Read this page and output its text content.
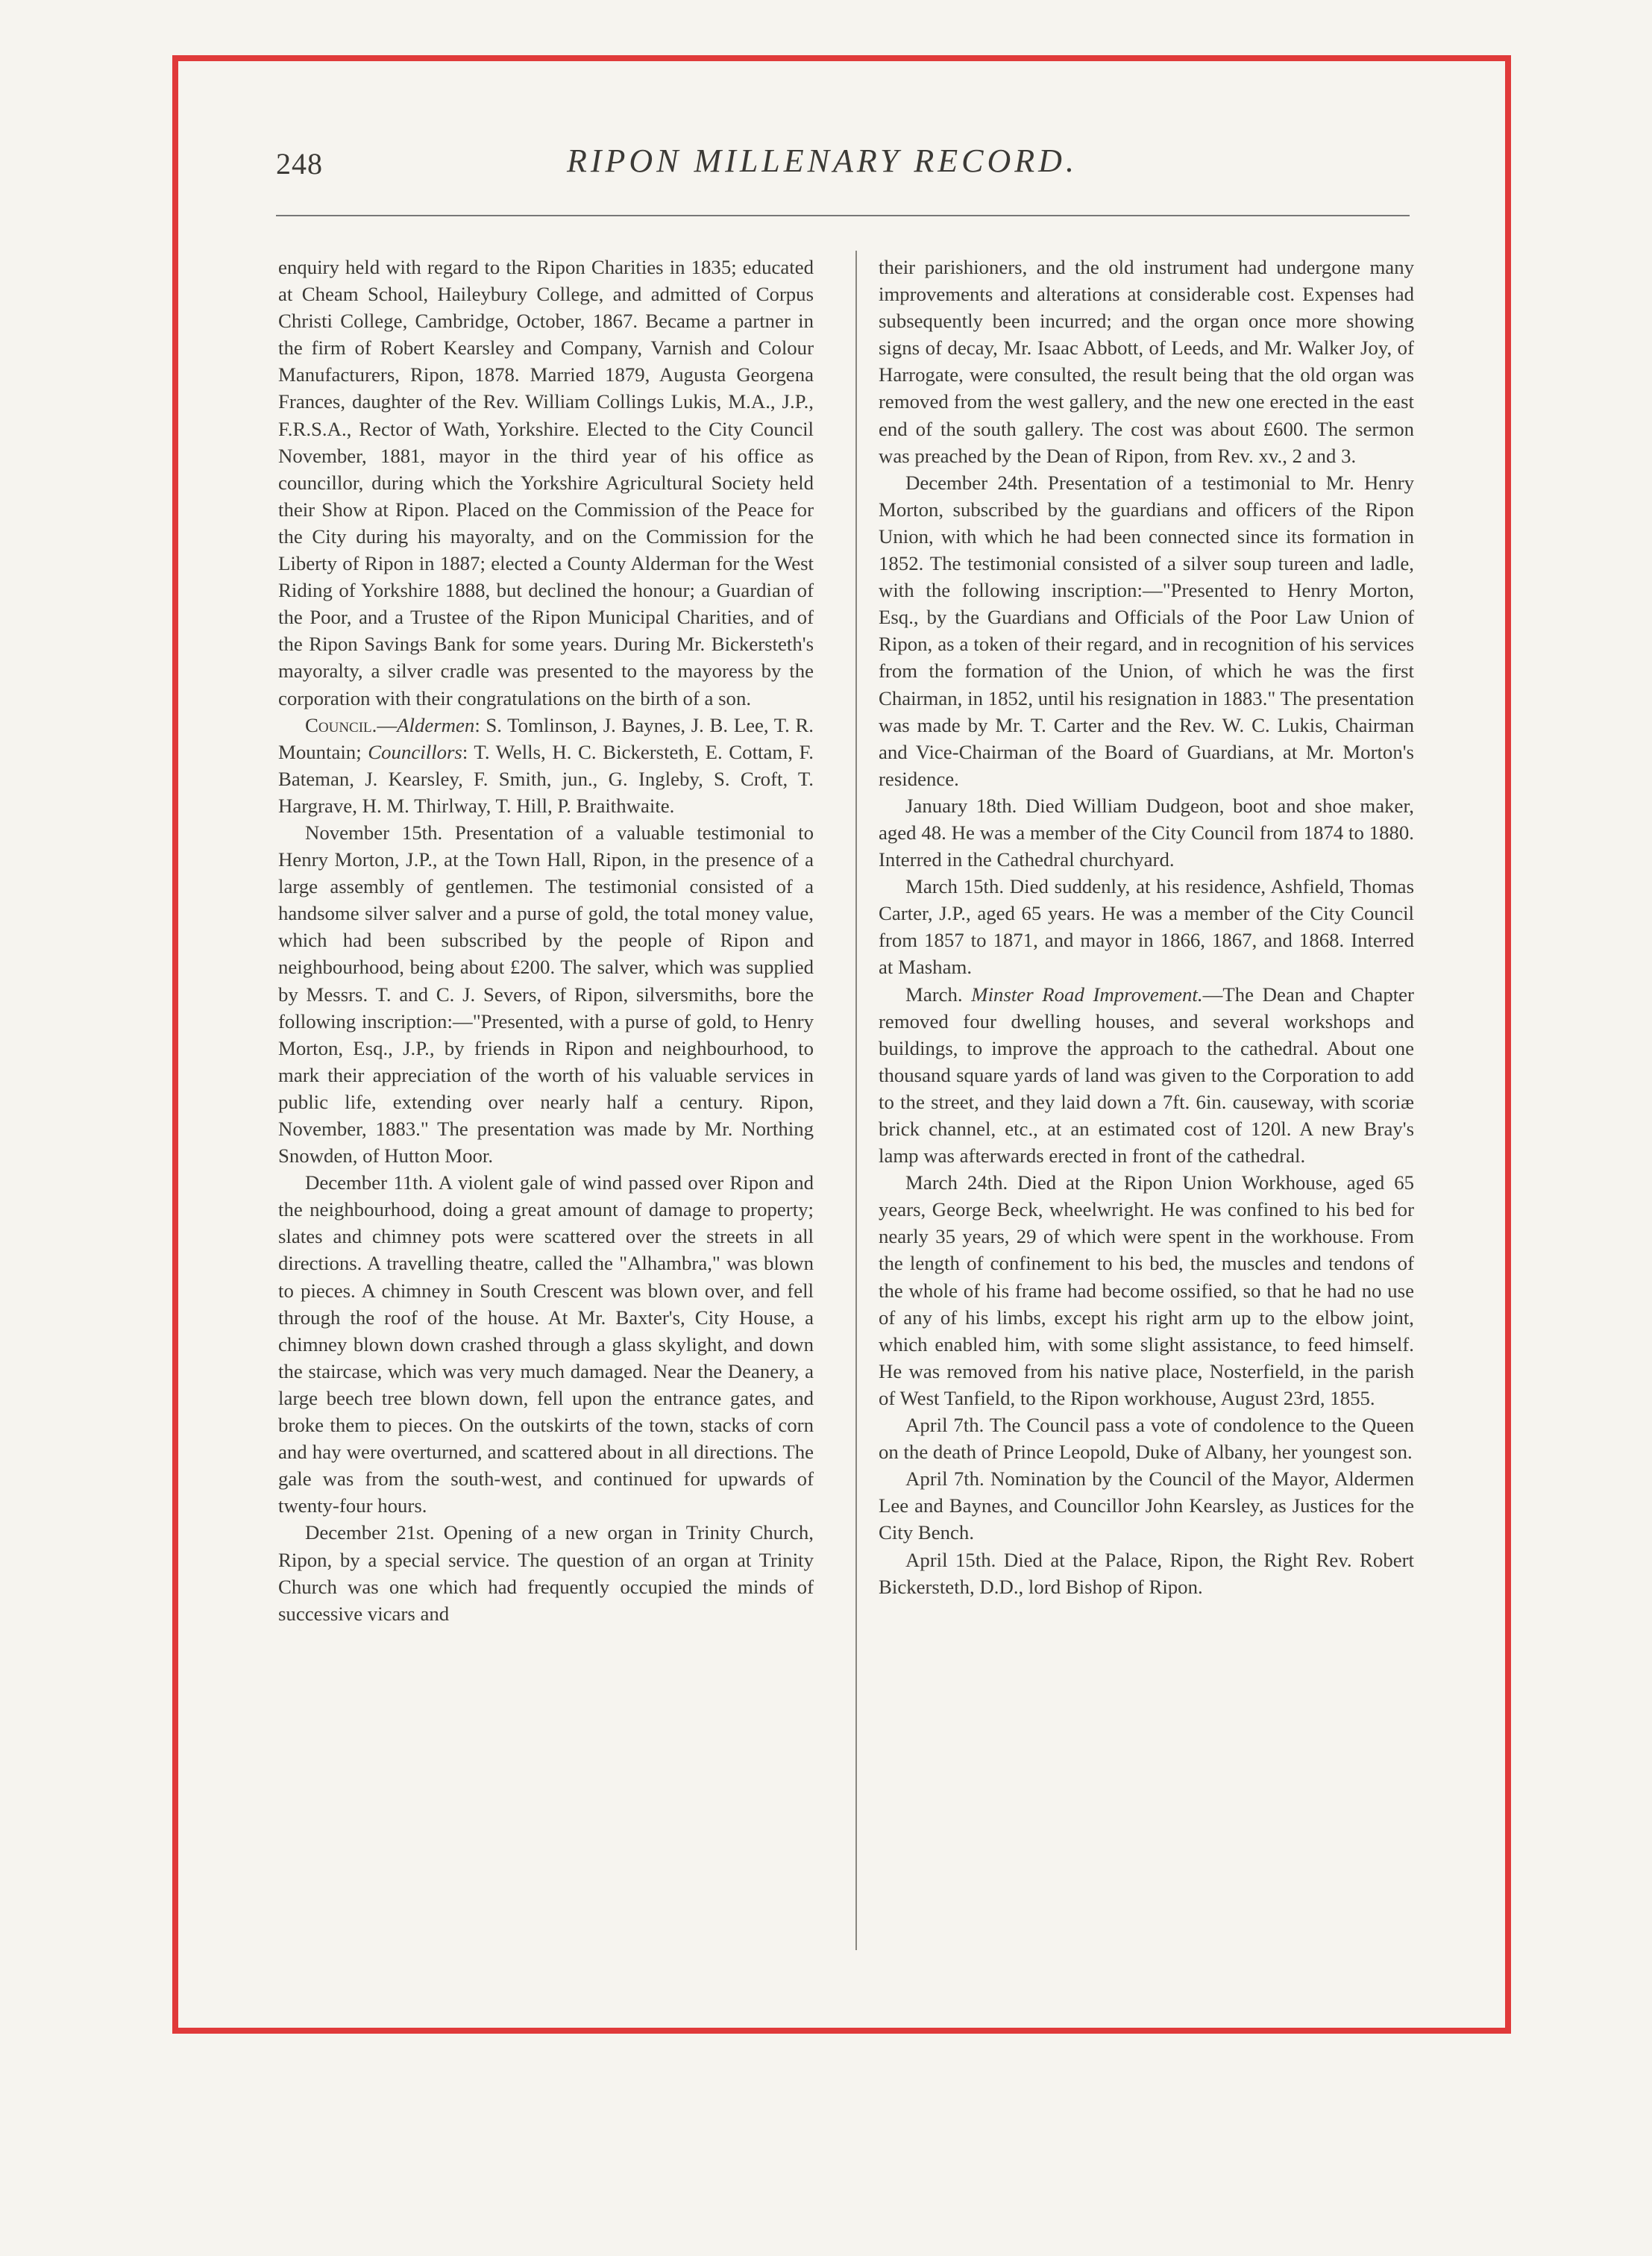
248	RIPON MILLENARY RECORD.

enquiry held with regard to the Ripon Charities in 1835; educated at Cheam School, Haileybury College, and admitted of Corpus Christi College, Cambridge, October, 1867. Became a partner in the firm of Robert Kearsley and Company, Varnish and Colour Manufacturers, Ripon, 1878. Married 1879, Augusta Georgena Frances, daughter of the Rev. William Collings Lukis, M.A., J.P., F.R.S.A., Rector of Wath, Yorkshire. Elected to the City Council November, 1881, mayor in the third year of his office as councillor, during which the Yorkshire Agricultural Society held their Show at Ripon. Placed on the Commission of the Peace for the City during his mayoralty, and on the Commission for the Liberty of Ripon in 1887; elected a County Alderman for the West Riding of Yorkshire 1888, but declined the honour; a Guardian of the Poor, and a Trustee of the Ripon Municipal Charities, and of the Ripon Savings Bank for some years. During Mr. Bickersteth's mayoralty, a silver cradle was presented to the mayoress by the corporation with their congratulations on the birth of a son.

Council.—Aldermen: S. Tomlinson, J. Baynes, J. B. Lee, T. R. Mountain; Councillors: T. Wells, H. C. Bickersteth, E. Cottam, F. Bateman, J. Kearsley, F. Smith, jun., G. Ingleby, S. Croft, T. Hargrave, H. M. Thirlway, T. Hill, P. Braithwaite.

November 15th. Presentation of a valuable testimonial to Henry Morton, J.P., at the Town Hall, Ripon, in the presence of a large assembly of gentlemen. The testimonial consisted of a handsome silver salver and a purse of gold, the total money value, which had been subscribed by the people of Ripon and neighbourhood, being about £200. The salver, which was supplied by Messrs. T. and C. J. Severs, of Ripon, silversmiths, bore the following inscription:—"Presented, with a purse of gold, to Henry Morton, Esq., J.P., by friends in Ripon and neighbourhood, to mark their appreciation of the worth of his valuable services in public life, extending over nearly half a century. Ripon, November, 1883." The presentation was made by Mr. Northing Snowden, of Hutton Moor.

December 11th. A violent gale of wind passed over Ripon and the neighbourhood, doing a great amount of damage to property; slates and chimney pots were scattered over the streets in all directions. A travelling theatre, called the "Alhambra," was blown to pieces. A chimney in South Crescent was blown over, and fell through the roof of the house. At Mr. Baxter's, City House, a chimney blown down crashed through a glass skylight, and down the staircase, which was very much damaged. Near the Deanery, a large beech tree blown down, fell upon the entrance gates, and broke them to pieces. On the outskirts of the town, stacks of corn and hay were overturned, and scattered about in all directions. The gale was from the south-west, and continued for upwards of twenty-four hours.

December 21st. Opening of a new organ in Trinity Church, Ripon, by a special service. The question of an organ at Trinity Church was one which had frequently occupied the minds of successive vicars and

their parishioners, and the old instrument had undergone many improvements and alterations at considerable cost. Expenses had subsequently been incurred; and the organ once more showing signs of decay, Mr. Isaac Abbott, of Leeds, and Mr. Walker Joy, of Harrogate, were consulted, the result being that the old organ was removed from the west gallery, and the new one erected in the east end of the south gallery. The cost was about £600. The sermon was preached by the Dean of Ripon, from Rev. xv., 2 and 3.

December 24th. Presentation of a testimonial to Mr. Henry Morton, subscribed by the guardians and officers of the Ripon Union, with which he had been connected since its formation in 1852. The testimonial consisted of a silver soup tureen and ladle, with the following inscription:—"Presented to Henry Morton, Esq., by the Guardians and Officials of the Poor Law Union of Ripon, as a token of their regard, and in recognition of his services from the formation of the Union, of which he was the first Chairman, in 1852, until his resignation in 1883." The presentation was made by Mr. T. Carter and the Rev. W. C. Lukis, Chairman and Vice-Chairman of the Board of Guardians, at Mr. Morton's residence.

January 18th. Died William Dudgeon, boot and shoe maker, aged 48. He was a member of the City Council from 1874 to 1880. Interred in the Cathedral churchyard.

March 15th. Died suddenly, at his residence, Ashfield, Thomas Carter, J.P., aged 65 years. He was a member of the City Council from 1857 to 1871, and mayor in 1866, 1867, and 1868. Interred at Masham.

March. Minster Road Improvement.—The Dean and Chapter removed four dwelling houses, and several workshops and buildings, to improve the approach to the cathedral. About one thousand square yards of land was given to the Corporation to add to the street, and they laid down a 7ft. 6in. causeway, with scoriæ brick channel, etc., at an estimated cost of 120l. A new Bray's lamp was afterwards erected in front of the cathedral.

March 24th. Died at the Ripon Union Workhouse, aged 65 years, George Beck, wheelwright. He was confined to his bed for nearly 35 years, 29 of which were spent in the workhouse. From the length of confinement to his bed, the muscles and tendons of the whole of his frame had become ossified, so that he had no use of any of his limbs, except his right arm up to the elbow joint, which enabled him, with some slight assistance, to feed himself. He was removed from his native place, Nosterfield, in the parish of West Tanfield, to the Ripon workhouse, August 23rd, 1855.

April 7th. The Council pass a vote of condolence to the Queen on the death of Prince Leopold, Duke of Albany, her youngest son.

April 7th. Nomination by the Council of the Mayor, Aldermen Lee and Baynes, and Councillor John Kearsley, as Justices for the City Bench.

April 15th. Died at the Palace, Ripon, the Right Rev. Robert Bickersteth, D.D., lord Bishop of Ripon.
